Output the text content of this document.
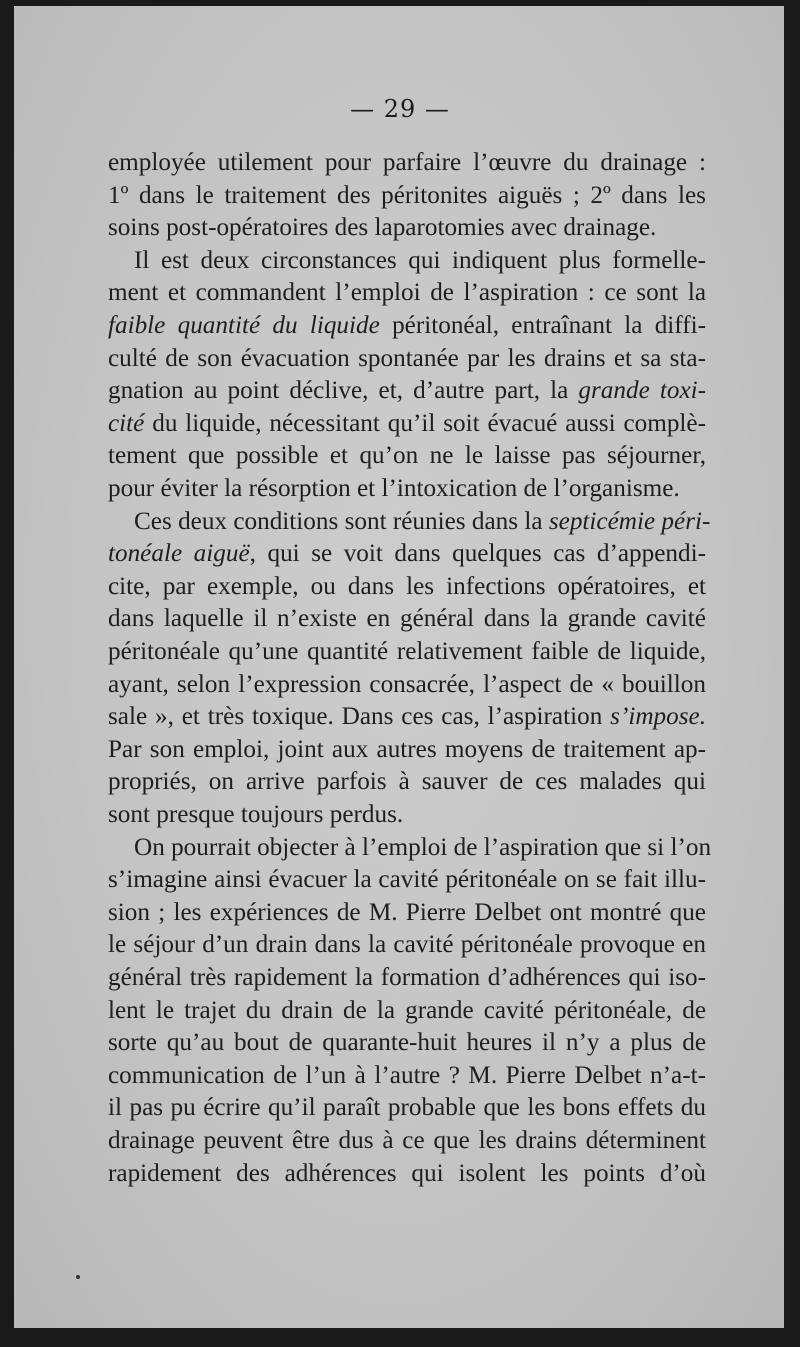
— 29 —
employée utilement pour parfaire l’œuvre du drainage :
1º dans le traitement des péritonites aiguës ; 2º dans les
soins post-opératoires des laparotomies avec drainage.
Il est deux circonstances qui indiquent plus formelle-
ment et commandent l’emploi de l’aspiration : ce sont la
faible quantité du liquide péritonéal, entraînant la diffi-
culté de son évacuation spontanée par les drains et sa sta-
gnation au point déclive, et, d’autre part, la grande toxi-
cité du liquide, nécessitant qu’il soit évacué aussi complè-
tement que possible et qu’on ne le laisse pas séjourner,
pour éviter la résorption et l’intoxication de l’organisme.
Ces deux conditions sont réunies dans la septicémie péri-
tonéale aiguë, qui se voit dans quelques cas d’appendi-
cite, par exemple, ou dans les infections opératoires, et
dans laquelle il n’existe en général dans la grande cavité
péritonéale qu’une quantité relativement faible de liquide,
ayant, selon l’expression consacrée, l’aspect de « bouillon
sale », et très toxique. Dans ces cas, l’aspiration s’impose.
Par son emploi, joint aux autres moyens de traitement ap-
propriés, on arrive parfois à sauver de ces malades qui
sont presque toujours perdus.
On pourrait objecter à l’emploi de l’aspiration que si l’on
s’imagine ainsi évacuer la cavité péritonéale on se fait illu-
sion ; les expériences de M. Pierre Delbet ont montré que
le séjour d’un drain dans la cavité péritonéale provoque en
général très rapidement la formation d’adhérences qui iso-
lent le trajet du drain de la grande cavité péritonéale, de
sorte qu’au bout de quarante-huit heures il n’y a plus de
communication de l’un à l’autre ? M. Pierre Delbet n’a-t-
il pas pu écrire qu’il paraît probable que les bons effets du
drainage peuvent être dus à ce que les drains déterminent
rapidement des adhérences qui isolent les points d’où
